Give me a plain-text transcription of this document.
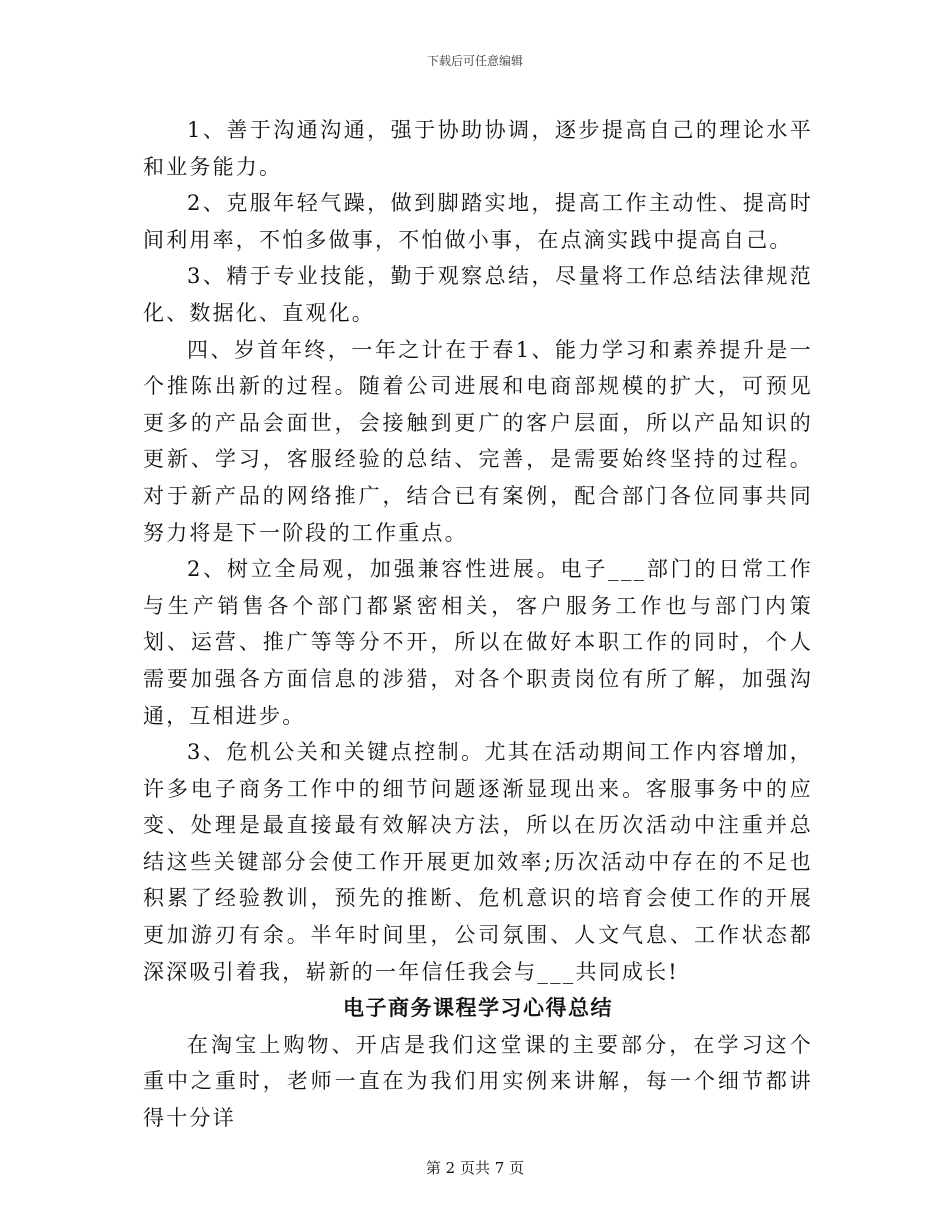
下载后可任意编辑

1、善于沟通沟通，强于协助协调，逐步提高自己的理论水平和业务能力。

2、克服年轻气躁，做到脚踏实地，提高工作主动性、提高时间利用率，不怕多做事，不怕做小事，在点滴实践中提高自己。

3、精于专业技能，勤于观察总结，尽量将工作总结法律规范化、数据化、直观化。

四、岁首年终，一年之计在于春1、能力学习和素养提升是一个推陈出新的过程。随着公司进展和电商部规模的扩大，可预见更多的产品会面世，会接触到更广的客户层面，所以产品知识的更新、学习，客服经验的总结、完善，是需要始终坚持的过程。对于新产品的网络推广，结合已有案例，配合部门各位同事共同努力将是下一阶段的工作重点。

2、树立全局观，加强兼容性进展。电子___部门的日常工作与生产销售各个部门都紧密相关，客户服务工作也与部门内策划、运营、推广等等分不开，所以在做好本职工作的同时，个人需要加强各方面信息的涉猎，对各个职责岗位有所了解，加强沟通，互相进步。

3、危机公关和关键点控制。尤其在活动期间工作内容增加，许多电子商务工作中的细节问题逐渐显现出来。客服事务中的应变、处理是最直接最有效解决方法，所以在历次活动中注重并总结这些关键部分会使工作开展更加效率;历次活动中存在的不足也积累了经验教训，预先的推断、危机意识的培育会使工作的开展更加游刃有余。半年时间里，公司氛围、人文气息、工作状态都深深吸引着我，崭新的一年信任我会与___共同成长!

电子商务课程学习心得总结

在淘宝上购物、开店是我们这堂课的主要部分，在学习这个重中之重时，老师一直在为我们用实例来讲解，每一个细节都讲得十分详

第 2 页共 7 页
